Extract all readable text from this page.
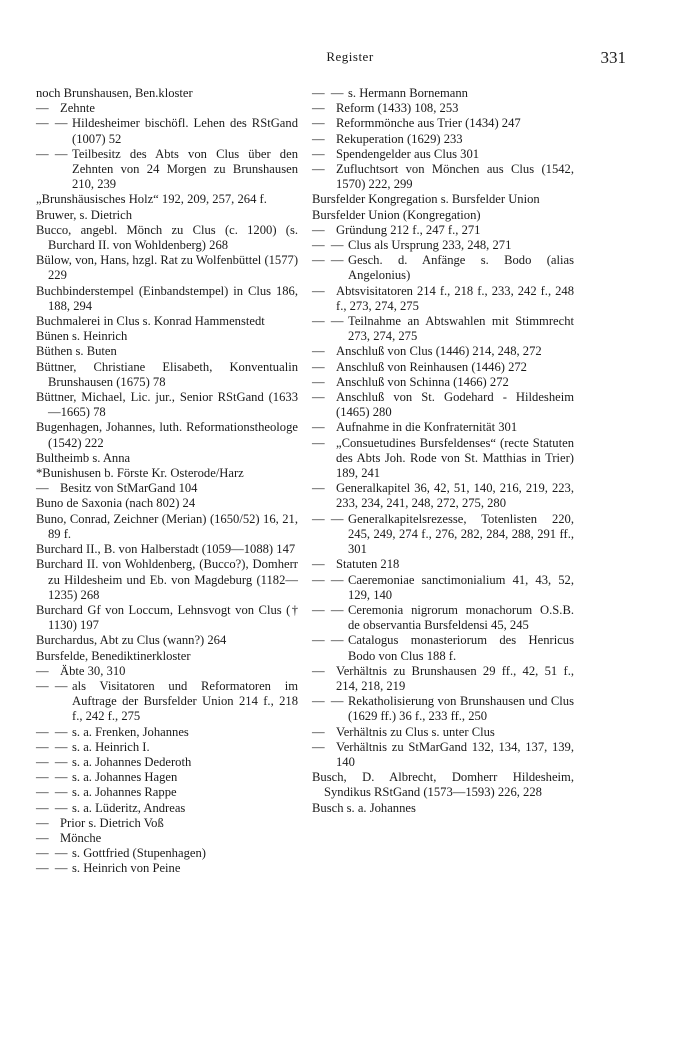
Register	331
noch Brunshausen, Ben.kloster
— Zehnte
—  — Hildesheimer bischöfl. Lehen des RStGand (1007) 52
—  — Teilbesitz des Abts von Clus über den Zehnten von 24 Morgen zu Brunshausen 210, 239
„Brunshäusisches Holz“ 192, 209, 257, 264 f.
Bruwer, s. Dietrich
Bucco, angebl. Mönch zu Clus (c. 1200) (s. Burchard II. von Wohldenberg) 268
Bülow, von, Hans, hzgl. Rat zu Wolfenbüttel (1577) 229
Buchbinderstempel (Einbandstempel) in Clus 186, 188, 294
Buchmalerei in Clus s. Konrad Hammenstedt
Bünen s. Heinrich
Büthen s. Buten
Büttner, Christiane Elisabeth, Konventualin Brunshausen (1675) 78
Büttner, Michael, Lic. jur., Senior RStGand (1633—1665) 78
Bugenhagen, Johannes, luth. Reformationstheologe (1542) 222
Bultheimb s. Anna
*Bunishusen b. Förste Kr. Osterode/Harz
— Besitz von StMarGand 104
Buno de Saxonia (nach 802) 24
Buno, Conrad, Zeichner (Merian) (1650/52) 16, 21, 89 f.
Burchard II., B. von Halberstadt (1059—1088) 147
Burchard II. von Wohldenberg, (Bucco?), Domherr zu Hildesheim und Eb. von Magdeburg (1182—1235) 268
Burchard Gf von Loccum, Lehnsvogt von Clus († 1130) 197
Burchardus, Abt zu Clus (wann?) 264
Bursfelde, Benediktinerkloster
— Äbte 30, 310
—  — als Visitatoren und Reformatoren im Auftrage der Bursfelder Union 214 f., 218 f., 242 f., 275
—  — s. a. Frenken, Johannes
—  — s. a. Heinrich I.
—  — s. a. Johannes Dederoth
—  — s. a. Johannes Hagen
—  — s. a. Johannes Rappe
—  — s. a. Lüderitz, Andreas
— Prior s. Dietrich Voß
— Mönche
—  — s. Gottfried (Stupenhagen)
—  — s. Heinrich von Peine
—  — s. Hermann Bornemann
— Reform (1433) 108, 253
— Reformmönche aus Trier (1434) 247
— Rekuperation (1629) 233
— Spendengelder aus Clus 301
— Zufluchtsort von Mönchen aus Clus (1542, 1570) 222, 299
Bursfelder Kongregation s. Bursfelder Union
Bursfelder Union (Kongregation)
— Gründung 212 f., 247 f., 271
—  — Clus als Ursprung 233, 248, 271
—  — Gesch. d. Anfänge s. Bodo (alias Angelonius)
— Abtsvisitatoren 214 f., 218 f., 233, 242 f., 248 f., 273, 274, 275
—  — Teilnahme an Abtswahlen mit Stimmrecht 273, 274, 275
— Anschluß von Clus (1446) 214, 248, 272
— Anschluß von Reinhausen (1446) 272
— Anschluß von Schinna (1466) 272
— Anschluß von St. Godehard - Hildesheim (1465) 280
— Aufnahme in die Konfraternität 301
— „Consuetudines Bursfeldenses“ (recte Statuten des Abts Joh. Rode von St. Matthias in Trier) 189, 241
— Generalkapitel 36, 42, 51, 140, 216, 219, 223, 233, 234, 241, 248, 272, 275, 280
—  — Generalkapitelsrezesse, Totenlisten 220, 245, 249, 274 f., 276, 282, 284, 288, 291 ff., 301
— Statuten 218
—  — Caeremoniae sanctimonialium 41, 43, 52, 129, 140
—  — Ceremonia nigrorum monachorum O.S.B. de observantia Bursfeldensi 45, 245
—  — Catalogus monasteriorum des Henricus Bodo von Clus 188 f.
— Verhältnis zu Brunshausen 29 ff., 42, 51 f., 214, 218, 219
—  — Rekatholisierung von Brunshausen und Clus (1629 ff.) 36 f., 233 ff., 250
— Verhältnis zu Clus s. unter Clus
— Verhältnis zu StMarGand 132, 134, 137, 139, 140
Busch, D. Albrecht, Domherr Hildesheim, Syndikus RStGand (1573—1593) 226, 228
Busch s. a. Johannes
